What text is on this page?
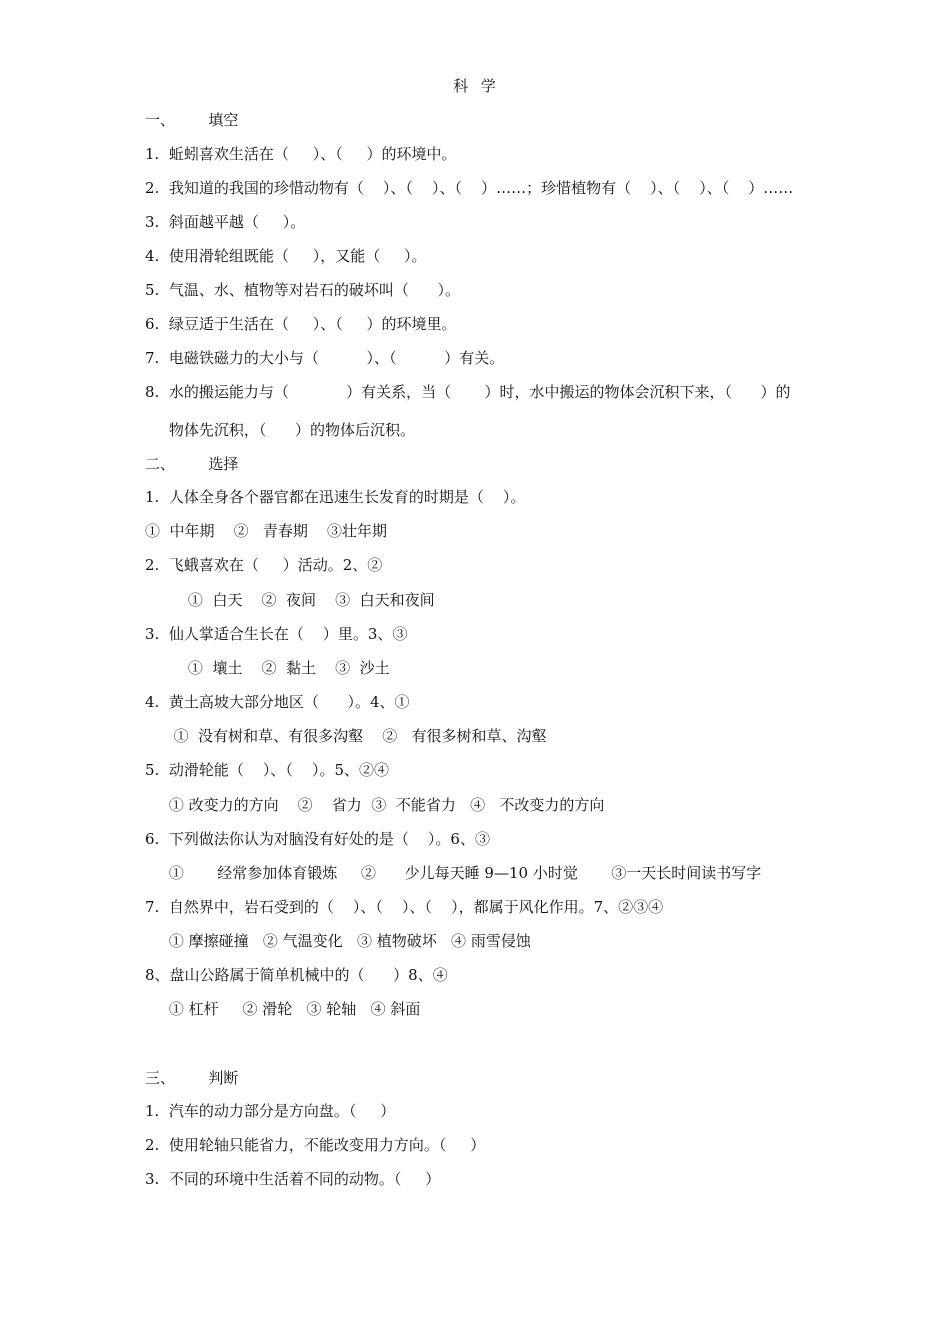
科  学
一、       填空
1.  蚯蚓喜欢生活在（     ）、（     ）的环境中。
2.  我知道的我国的珍惜动物有（    ）、（    ）、（    ）……；珍惜植物有（    ）、（    ）、（    ）……
3.  斜面越平越（     ）。
4.  使用滑轮组既能（     ），又能（     ）。
5.  气温、水、植物等对岩石的破坏叫（      ）。
6.  绿豆适于生活在（     ）、（     ）的环境里。
7.  电磁铁磁力的大小与（          ）、（          ）有关。
8.  水的搬运能力与（            ）有关系，当（       ）时，水中搬运的物体会沉积下来，（      ）的
物体先沉积，（      ）的物体后沉积。
二、       选择
1.  人体全身各个器官都在迅速生长发育的时期是（    ）。
①  中年期    ②   青春期    ③壮年期
2.  飞蛾喜欢在（     ）活动。2、②
①  白天    ②  夜间    ③  白天和夜间
3.  仙人掌适合生长在（    ）里。3、③
①  壤土    ②  黏土    ③  沙土
4.  黄土高坡大部分地区（      ）。4、①
①  没有树和草、有很多沟壑    ②   有很多树和草、沟壑
5.  动滑轮能（    ）、（    ）。5、②④
① 改变力的方向    ②    省力  ③  不能省力   ④   不改变力的方向
6.  下列做法你认为对脑没有好处的是（    ）。6、③
①       经常参加体育锻炼     ②      少儿每天睡 9—10 小时觉       ③一天长时间读书写字
7.  自然界中，岩石受到的（    ）、（    ）、（    ），都属于风化作用。7、②③④
① 摩擦碰撞   ② 气温变化   ③ 植物破坏   ④ 雨雪侵蚀
8、盘山公路属于简单机械中的（      ）8、④
① 杠杆     ② 滑轮   ③ 轮轴   ④ 斜面
三、       判断
1.  汽车的动力部分是方向盘。（     ）
2.  使用轮轴只能省力，不能改变用力方向。（     ）
3.  不同的环境中生活着不同的动物。（     ）
